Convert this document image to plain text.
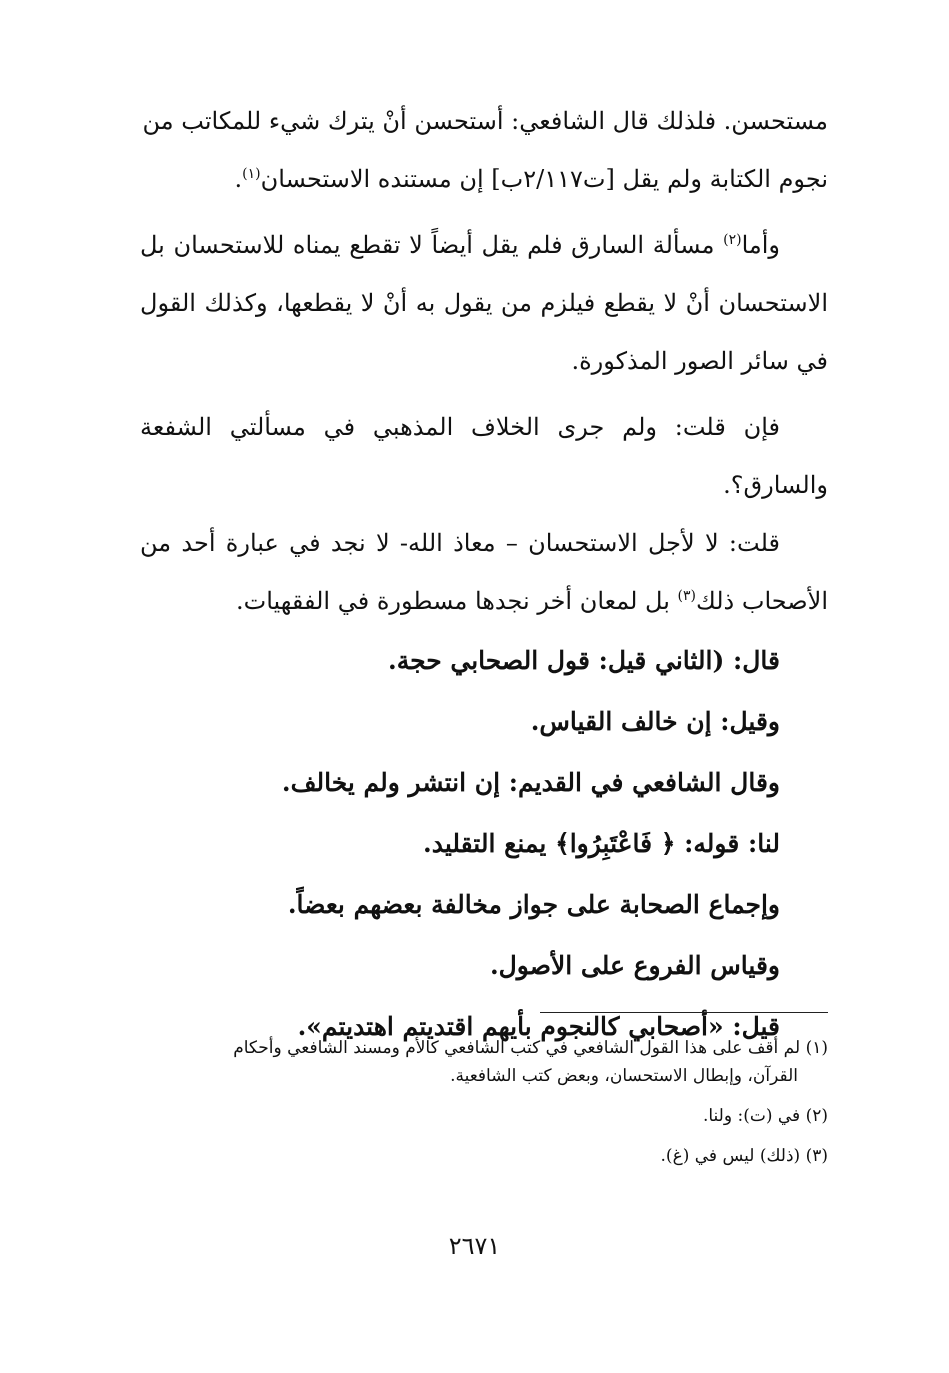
مستحسن. فلذلك قال الشافعي: أستحسن أنْ يترك شيء للمكاتب من
نجوم الكتابة ولم يقل [ت٢/١١٧ب] إن مستنده الاستحسان$^{(١)}$.

وأما$^{(٢)}$ مسألة السارق فلم يقل أيضاً لا تقطع يمناه للاستحسان بل الاستحسان أنْ لا يقطع فيلزم من يقول به أنْ لا يقطعها، وكذلك القول في سائر الصور المذكورة.

فإن قلت: ولم جرى الخلاف المذهبي في مسألتي الشفعة والسارق؟.

قلت: لا لأجل الاستحسان – معاذ الله- لا نجد في عبارة أحد من الأصحاب ذلك$^{(٣)}$ بل لمعان أخر نجدها مسطورة في الفقهيات.

قال: (الثاني قيل: قول الصحابي حجة.

وقيل: إن خالف القياس.

وقال الشافعي في القديم: إن انتشر ولم يخالف.

لنا: قوله: ﴿ فَاعْتَبِرُوا﴾ يمنع التقليد.

وإجماع الصحابة على جواز مخالفة بعضهم بعضاً.

وقياس الفروع على الأصول.

قيل: «أصحابي كالنجوم بأيهم اقتديتم اهتديتم».

(١) لم أقف على هذا القول الشافعي في كتب الشافعي كالأم ومسند الشافعي وأحكام

القرآن، وإبطال الاستحسان، وبعض كتب الشافعية.

(٢) في (ت): ولنا.

(٣) (ذلك) ليس في (غ).

٢٦٧١
